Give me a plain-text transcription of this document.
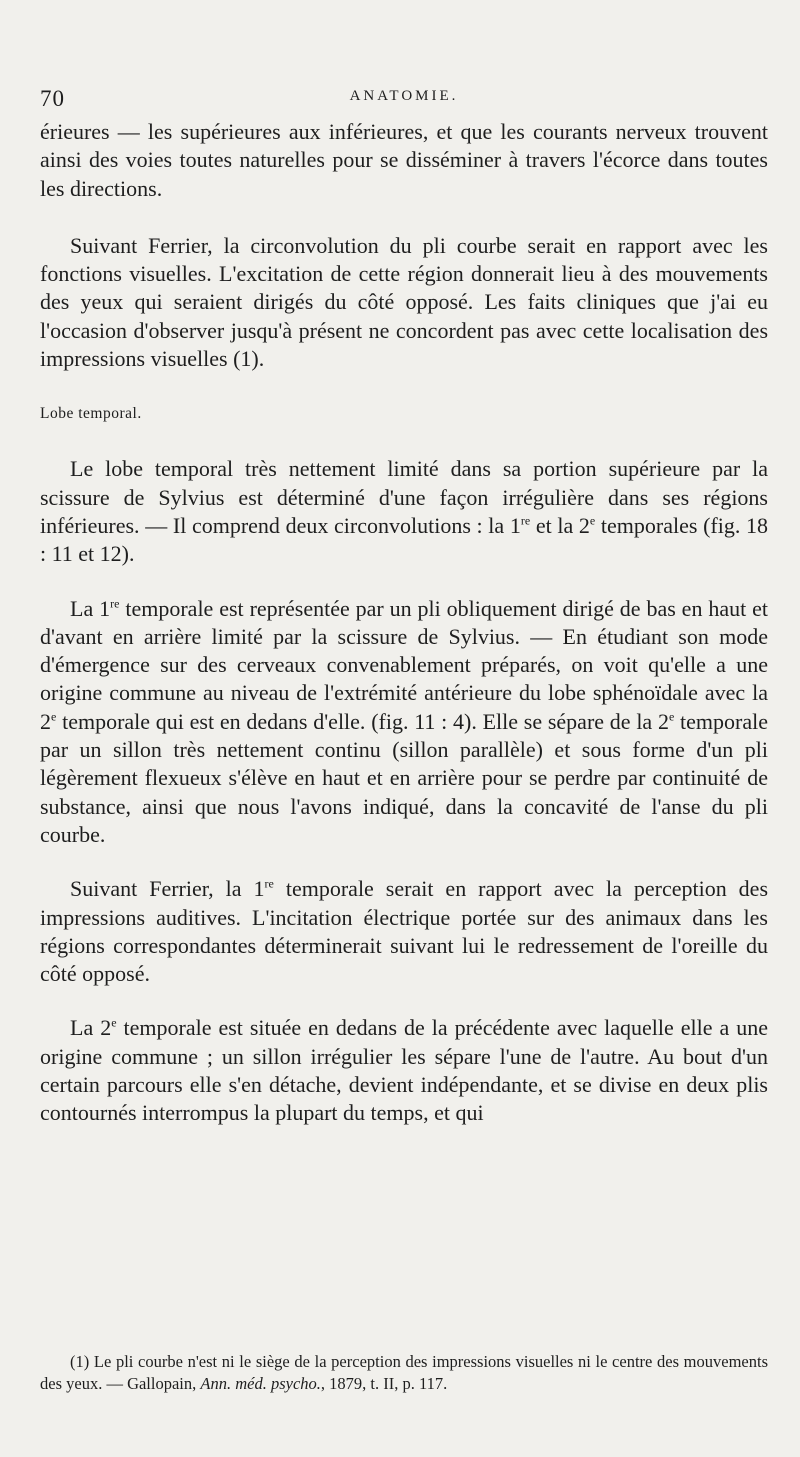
70	ANATOMIE.

érieures — les supérieures aux inférieures, et que les courants nerveux trouvent ainsi des voies toutes naturelles pour se disséminer à travers l'écorce dans toutes les directions.

Suivant Ferrier, la circonvolution du pli courbe serait en rapport avec les fonctions visuelles. L'excitation de cette région donnerait lieu à des mouvements des yeux qui seraient dirigés du côté opposé. Les faits cliniques que j'ai eu l'occasion d'observer jusqu'à présent ne concordent pas avec cette localisation des impressions visuelles (1).

Lobe temporal.

Le lobe temporal très nettement limité dans sa portion supérieure par la scissure de Sylvius est déterminé d'une façon irrégulière dans ses régions inférieures. — Il comprend deux circonvolutions : la 1re et la 2e temporales (fig. 18 : 11 et 12).

La 1re temporale est représentée par un pli obliquement dirigé de bas en haut et d'avant en arrière limité par la scissure de Sylvius. — En étudiant son mode d'émergence sur des cerveaux convenablement préparés, on voit qu'elle a une origine commune au niveau de l'extrémité antérieure du lobe sphénoïdale avec la 2e temporale qui est en dedans d'elle. (fig. 11 : 4). Elle se sépare de la 2e temporale par un sillon très nettement continu (sillon parallèle) et sous forme d'un pli légèrement flexueux s'élève en haut et en arrière pour se perdre par continuité de substance, ainsi que nous l'avons indiqué, dans la concavité de l'anse du pli courbe.

Suivant Ferrier, la 1re temporale serait en rapport avec la perception des impressions auditives. L'incitation électrique portée sur des animaux dans les régions correspondantes déterminerait suivant lui le redressement de l'oreille du côté opposé.

La 2e temporale est située en dedans de la précédente avec laquelle elle a une origine commune ; un sillon irrégulier les sépare l'une de l'autre. Au bout d'un certain parcours elle s'en détache, devient indépendante, et se divise en deux plis contournés interrompus la plupart du temps, et qui

(1) Le pli courbe n'est ni le siège de la perception des impressions visuelles ni le centre des mouvements des yeux. — Gallopain, Ann. méd. psycho., 1879, t. II, p. 117.
